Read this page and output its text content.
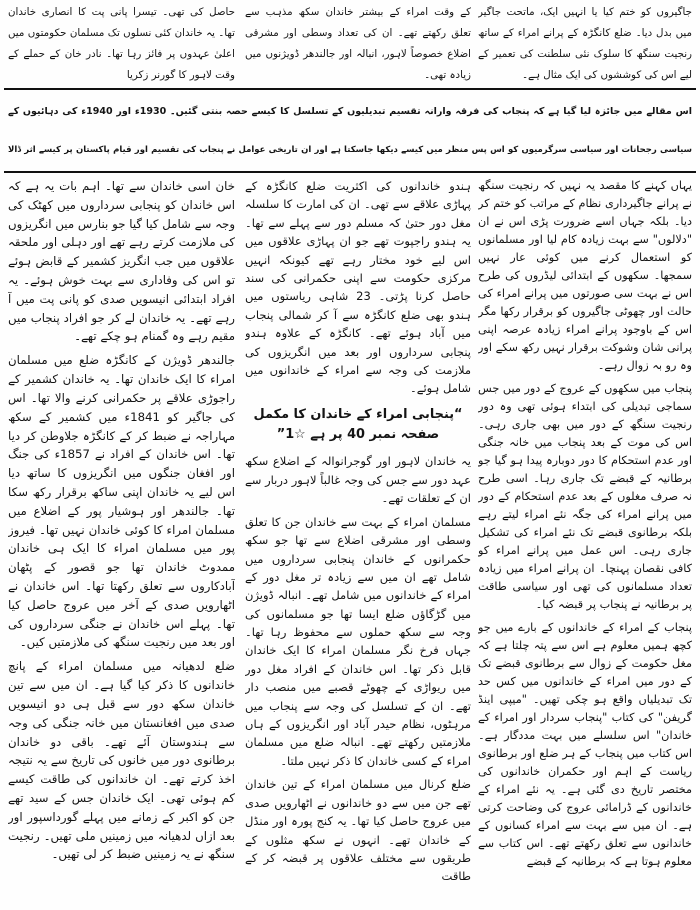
جاگیروں کو ختم کیا یا انہیں ایک، ماتحت جاگیر میں بدل دیا۔ ضلع کانگڑہ کے پرانے امراء کے ساتھ رنجیت سنگھ کا سلوک نئی سلطنت کی تعمیر کے لیے اس کی کوششوں کی ایک مثال ہے۔

کے وقت امراء کے بیشتر خاندان سکھ مذہب سے تعلق رکھتے تھے۔ ان کی تعداد وسطی اور مشرقی اضلاع خصوصاً لاہور، انبالہ اور جالندھر ڈویژنوں میں زیادہ تھی۔

حاصل کی تھی۔ تیسرا پانی پت کا انصاری خاندان تھا۔ یہ خاندان کئی نسلوں تک مسلمان حکومتوں میں اعلیٰ عہدوں پر فائز رہا تھا۔ نادر خان کے حملے کے وقت لاہور کا گورنر زکریا

اس مقالے میں جائزہ لیا گیا ہے کہ پنجاب کی فرقہ وارانہ تقسیم تبدیلیوں کے تسلسل کا کیسے حصہ بنتی گئیں۔ 1930ء اور 1940ء کی دہائیوں کے
سیاسی رجحانات اور سیاسی سرگرمیوں کو اس پس منظر میں کیسے دیکھا جاسکتا ہے اور ان تاریخی عوامل نے پنجاب کی تقسیم اور قیام پاکستان پر کیسے اثر ڈالا

یہاں کہنے کا مقصد یہ نہیں کہ رنجیت سنگھ نے پرانے جاگیرداری نظام کے مراتب کو ختم کر دیا۔ بلکہ جہاں اسے ضرورت پڑی اس نے ان "دلالوں" سے بہت زیادہ کام لیا اور مسلمانوں کو استعمال کرنے میں کوئی عار نہیں سمجھا۔ سکھوں کے ابتدائی لیڈروں کی طرح اس نے بہت سی صورتوں میں پرانے امراء کی حالت اور چھوٹی جاگیروں کو برقرار رکھا مگر اس کے باوجود پرانے امراء زیادہ عرصہ اپنی پرانی شان وشوکت برقرار نہیں رکھ سکے اور وہ رو بہ زوال رہے۔

پنجاب میں سکھوں کے عروج کے دور میں جس سماجی تبدیلی کی ابتداء ہوئی تھی وہ دور رنجیت سنگھ کے دور میں بھی جاری رہی۔ اس کی موت کے بعد پنجاب میں خانہ جنگی اور عدم استحکام کا دور دوبارہ پیدا ہو گیا جو برطانیہ کے قبضے تک جاری رہا۔ اسی طرح نہ صرف مغلوں کے بعد عدم استحکام کے دور میں پرانے امراء کی جگہ نئے امراء لیتے رہے بلکہ برطانوی قبضے تک نئے امراء کی تشکیل جاری رہی۔ اس عمل میں پرانے امراء کو کافی نقصان پہنچا۔ ان پرانے امراء میں زیادہ تعداد مسلمانوں کی تھی اور سیاسی طاقت پر برطانیہ نے پنجاب پر قبضہ کیا۔

پنجاب کے امراء کے خاندانوں کے بارے میں جو کچھ ہمیں معلوم ہے اس سے پتہ چلتا ہے کہ مغل حکومت کے زوال سے برطانوی قبضے تک کے دور میں امراء کے خاندانوں میں کس حد تک تبدیلیاں واقع ہو چکی تھیں۔ "میپی اینڈ گریفن" کی کتاب "پنجاب سردار اور امراء کے خاندان" اس سلسلے میں بہت مددگار ہے۔ اس کتاب میں پنجاب کے ہر ضلع اور برطانوی ریاست کے اہم اور حکمران خاندانوں کی مختصر تاریخ دی گئی ہے۔ یہ نئے امراء کے خاندانوں کے ڈرامائی عروج کی وضاحت کرتی ہے۔ ان میں سے بہت سے امراء کسانوں کے خاندانوں سے تعلق رکھتے تھے۔ اس کتاب سے معلوم ہوتا ہے کہ برطانیہ کے قبضے

ہندو خاندانوں کی اکثریت ضلع کانگڑہ کے پہاڑی علاقے سے تھی۔ ان کی امارت کا سلسلہ مغل دور حتیٰ کہ مسلم دور سے پہلے سے تھا۔ یہ ہندو راجپوت تھے جو ان پہاڑی علاقوں میں اس لیے خود مختار رہے تھے کیونکہ انہیں مرکزی حکومت سے اپنی حکمرانی کی سند حاصل کرنا پڑتی۔ 23 شاہی ریاستوں میں ہندو بھی ضلع کانگڑہ سے آ کر شمالی پنجاب میں آباد ہوئے تھے۔ کانگڑہ کے علاوہ ہندو پنجابی سرداروں اور بعد میں انگریزوں کی ملازمت کی وجہ سے امراء کے خاندانوں میں شامل ہوئے۔

“پنجابی امراء کے خاندان کا مکمل صفحہ نمبر 40 پر ہے ☆1”

یہ خاندان لاہور اور گوجرانوالہ کے اضلاع سکھ عہد دور سے جس کی وجہ غالباً لاہور دربار سے ان کے تعلقات تھے۔

مسلمان امراء کے بہت سے خاندان جن کا تعلق وسطی اور مشرقی اضلاع سے تھا جو سکھ حکمرانوں کے خاندان پنجابی سرداروں میں شامل تھے ان میں سے زیادہ تر مغل دور کے امراء کے خاندانوں میں شامل تھے۔ انبالہ ڈویژن میں گڑگاؤں ضلع ایسا تھا جو مسلمانوں کی وجہ سے سکھ حملوں سے محفوظ رہا تھا۔ جہاں فرخ نگر مسلمان امراء کا ایک خاندان قابل ذکر تھا۔ اس خاندان کے افراد مغل دور میں ریواڑی کے چھوٹے قصبے میں منصب دار تھے۔ ان کے تسلسل کی وجہ سے پنجاب میں مرہٹوں، نظام حیدر آباد اور انگریزوں کے ہاں ملازمتیں رکھتے تھے۔ انبالہ ضلع میں مسلمان امراء کے کسی خاندان کا ذکر نہیں ملتا۔

ضلع کرنال میں مسلمان امراء کے تین خاندان تھے جن میں سے دو خاندانوں نے اٹھارویں صدی میں عروج حاصل کیا تھا۔ یہ کنج پورہ اور منڈل کے خاندان تھے۔ انہوں نے سکھ مثلوں کے طریقوں سے مختلف علاقوں پر قبضہ کر کے طاقت

خان اسی خاندان سے تھا۔ اہم بات یہ ہے کہ اس خاندان کو پنجابی سرداروں میں کھٹک کی وجہ سے شامل کیا گیا جو بنارس میں انگریزوں کی ملازمت کرتے رہے تھے اور دہلی اور ملحقہ علاقوں میں جب انگریز کشمیر کے قابض ہوئے تو اس کی وفاداری سے بہت خوش ہوئے۔ یہ افراد ابتدائی انیسویں صدی کو پانی پت میں آ رہے تھے۔ یہ خاندان لے کر جو افراد پنجاب میں مقیم رہے وہ گمنام ہو چکے تھے۔

جالندھر ڈویژن کے کانگڑہ ضلع میں مسلمان امراء کا ایک خاندان تھا۔ یہ خاندان کشمیر کے راجوڑی علاقے پر حکمرانی کرنے والا تھا۔ اس کی جاگیر کو 1841ء میں کشمیر کے سکھ مہاراجہ نے ضبط کر کے کانگڑہ جلاوطن کر دیا تھا۔ اس خاندان کے افراد نے 1857ء کی جنگ اور افغان جنگوں میں انگریزوں کا ساتھ دیا اس لیے یہ خاندان اپنی ساکھ برقرار رکھ سکا تھا۔ جالندھر اور ہوشیار پور کے اضلاع میں مسلمان امراء کا کوئی خاندان نہیں تھا۔ فیروز پور میں مسلمان امراء کا ایک ہی خاندان ممدوٹ خاندان تھا جو قصور کے پٹھان آبادکاروں سے تعلق رکھتا تھا۔ اس خاندان نے اٹھارویں صدی کے آخر میں عروج حاصل کیا تھا۔ پہلے اس خاندان نے جنگی سرداروں کی اور بعد میں رنجیت سنگھ کی ملازمتیں کیں۔

ضلع لدھیانہ میں مسلمان امراء کے پانچ خاندانوں کا ذکر کیا گیا ہے۔ ان میں سے تین خاندان سکھ دور سے قبل ہی دو انیسویں صدی میں افغانستان میں خانہ جنگی کی وجہ سے ہندوستان آئے تھے۔ باقی دو خاندان برطانوی دور میں خانوں کی تاریخ سے یہ نتیجہ اخذ کرتے تھے۔ ان خاندانوں کی طاقت کیسے کم ہوئی تھی۔ ایک خاندان جس کے سید تھے جن کو اکبر کے زمانے میں پہلے گورداسپور اور بعد ازاں لدھیانہ میں زمینیں ملی تھیں۔ رنجیت سنگھ نے یہ زمینیں ضبط کر لی تھیں۔
